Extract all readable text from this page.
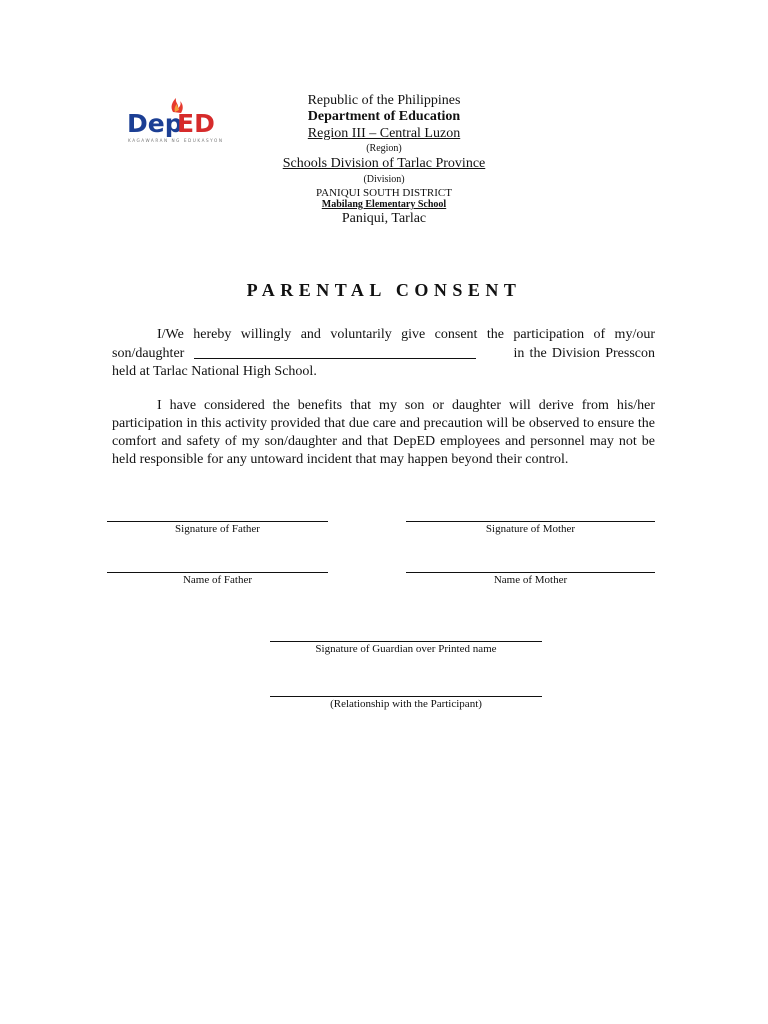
Dep
ED
KAGAWARAN NG EDUKASYON
Republic of the Philippines
Department of Education
Region III – Central Luzon
(Region)
Schools Division of Tarlac Province
(Division)
PANIQUI SOUTH DISTRICT
Mabilang Elementary School
Paniqui, Tarlac
PARENTAL CONSENT
I/We hereby willingly and voluntarily give consent the participation of my/our son/daughter	in the Division Presscon held at Tarlac National High School.
I have considered the benefits that my son or daughter will derive from his/her participation in this activity provided that due care and precaution will be observed to ensure the comfort and safety of my son/daughter and that DepED employees and personnel may not be held responsible for any untoward incident that may happen beyond their control.
Signature of Father	Signature of Mother
Name of Father	Name of Mother
Signature of Guardian over Printed name
(Relationship with the Participant)
